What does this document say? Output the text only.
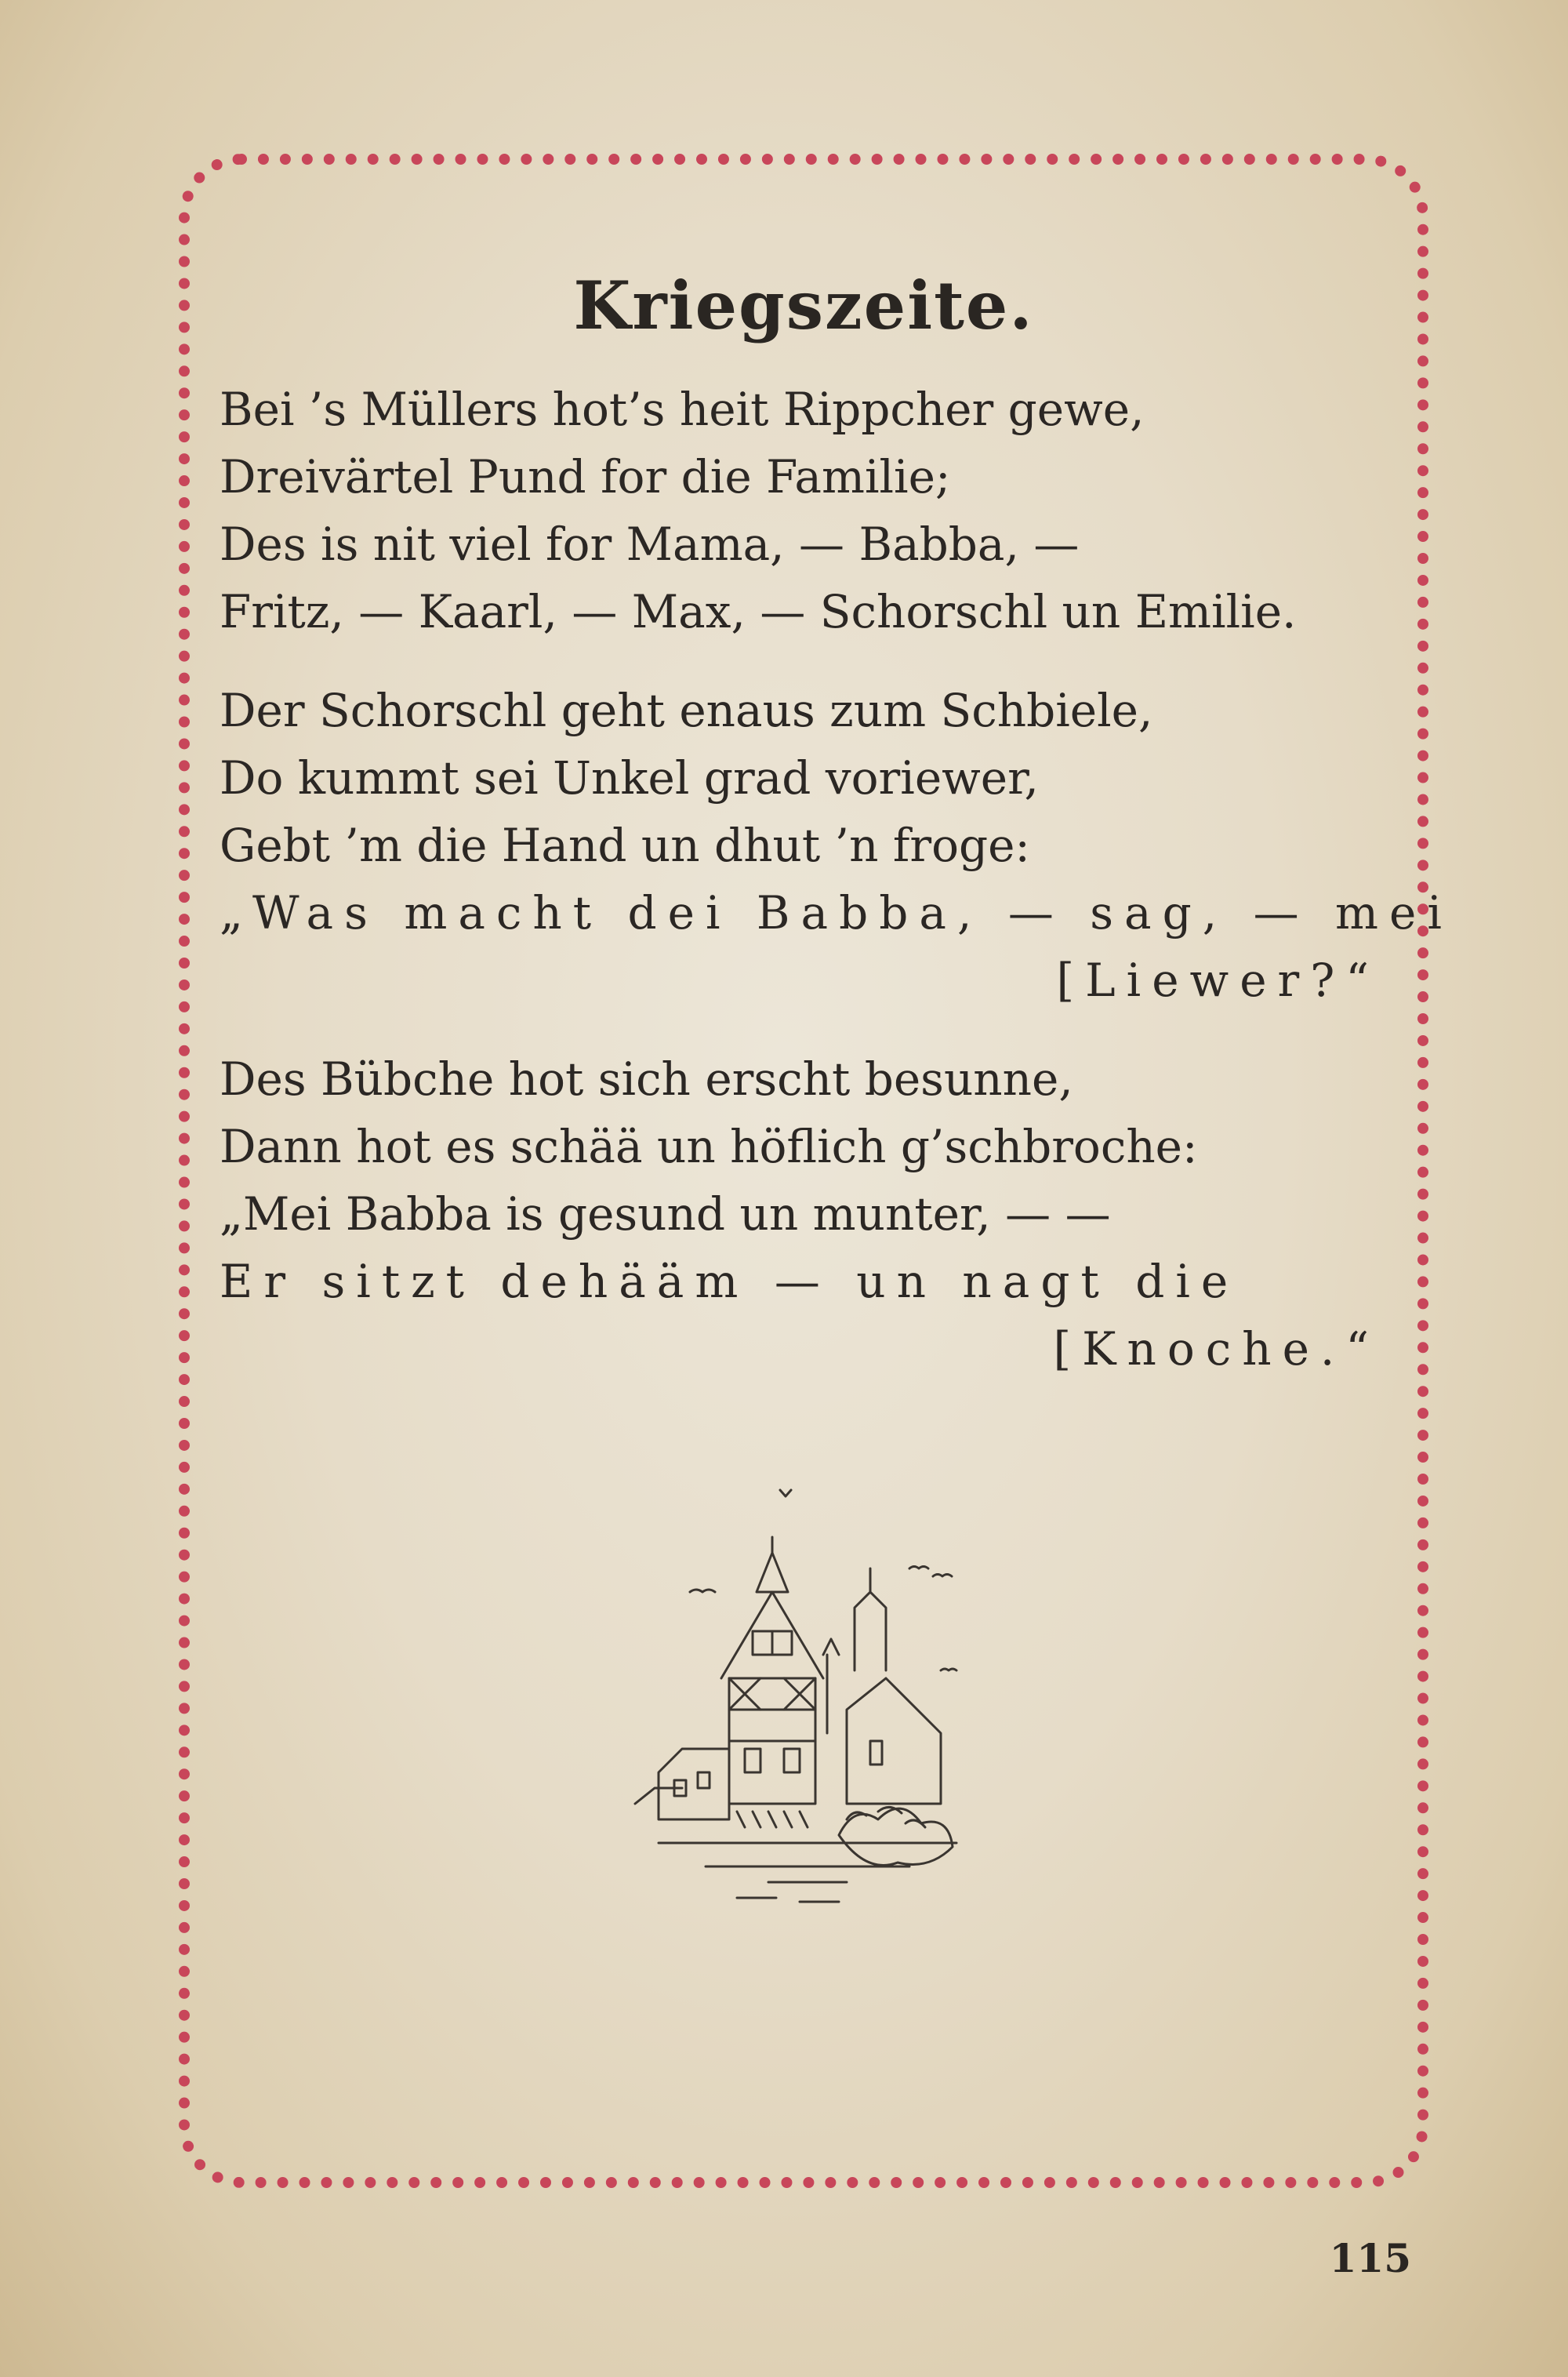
Kriegszeite.
Bei ’s Müllers hot’s heit Rippcher gewe,
Dreivärtel Pund for die Familie;
Des is nit viel for Mama, — Babba, —
Fritz, — Kaarl, — Max, — Schorschl un Emilie.
Der Schorschl geht enaus zum Schbiele,
Do kummt sei Unkel grad voriewer,
Gebt ’m die Hand un dhut ’n froge:
„Was macht dei Babba, — sag, — mei
[Liewer?“
Des Bübche hot sich erscht besunne,
Dann hot es schää un höflich g’schbroche:
„Mei Babba is gesund un munter, — —
Er sitzt dehääm — un nagt die
[Knoche.“
115
